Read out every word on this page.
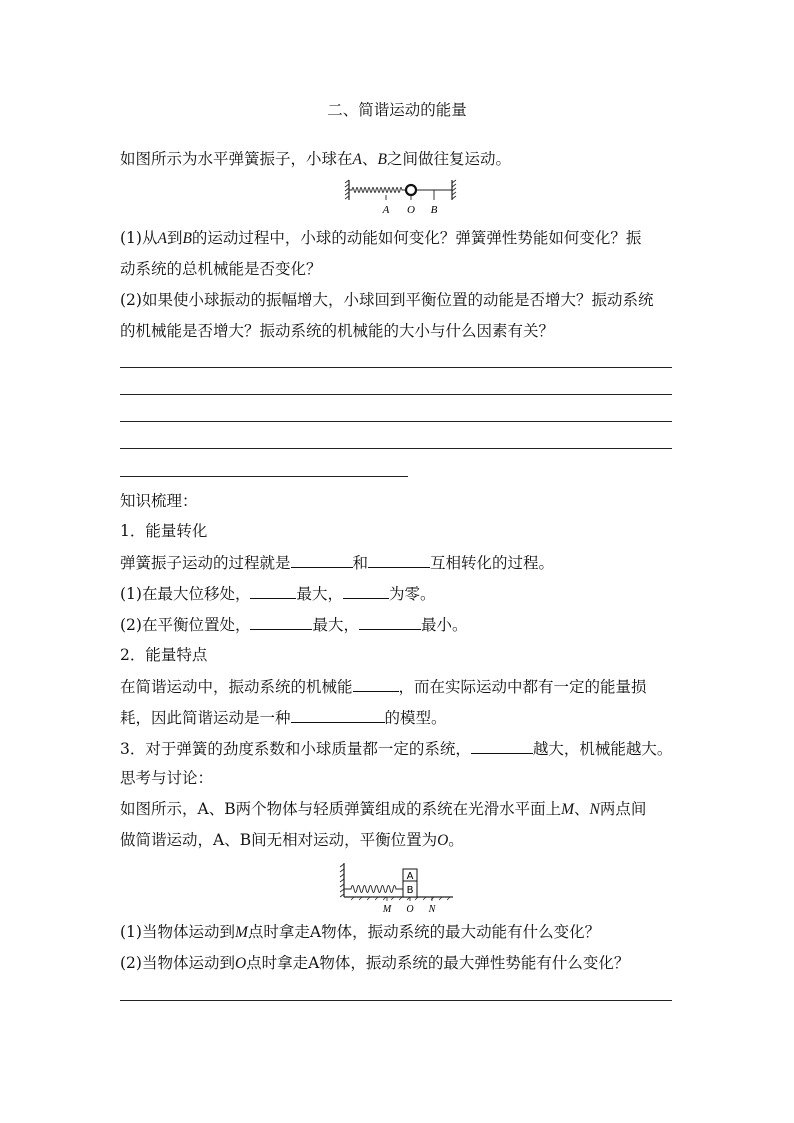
二、简谐运动的能量
如图所示为水平弹簧振子，小球在A、B之间做往复运动。
A O B
(1)从A到B的运动过程中，小球的动能如何变化？弹簧弹性势能如何变化？振
动系统的总机械能是否变化？
(2)如果使小球振动的振幅增大，小球回到平衡位置的动能是否增大？振动系统
的机械能是否增大？振动系统的机械能的大小与什么因素有关？
知识梳理：
1．能量转化
弹簧振子运动的过程就是	和	互相转化的过程。
(1)在最大位移处，	最大，	为零。
(2)在平衡位置处，	最大，	最小。
2．能量特点
在简谐运动中，振动系统的机械能	，而在实际运动中都有一定的能量损
耗，因此简谐运动是一种	的模型。
3．对于弹簧的劲度系数和小球质量都一定的系统，	越大，机械能越大。
思考与讨论：
如图所示，A、B两个物体与轻质弹簧组成的系统在光滑水平面上M、N两点间
做简谐运动，A、B间无相对运动，平衡位置为O。
A
B
M O N
(1)当物体运动到M点时拿走A物体，振动系统的最大动能有什么变化？
(2)当物体运动到O点时拿走A物体，振动系统的最大弹性势能有什么变化？
